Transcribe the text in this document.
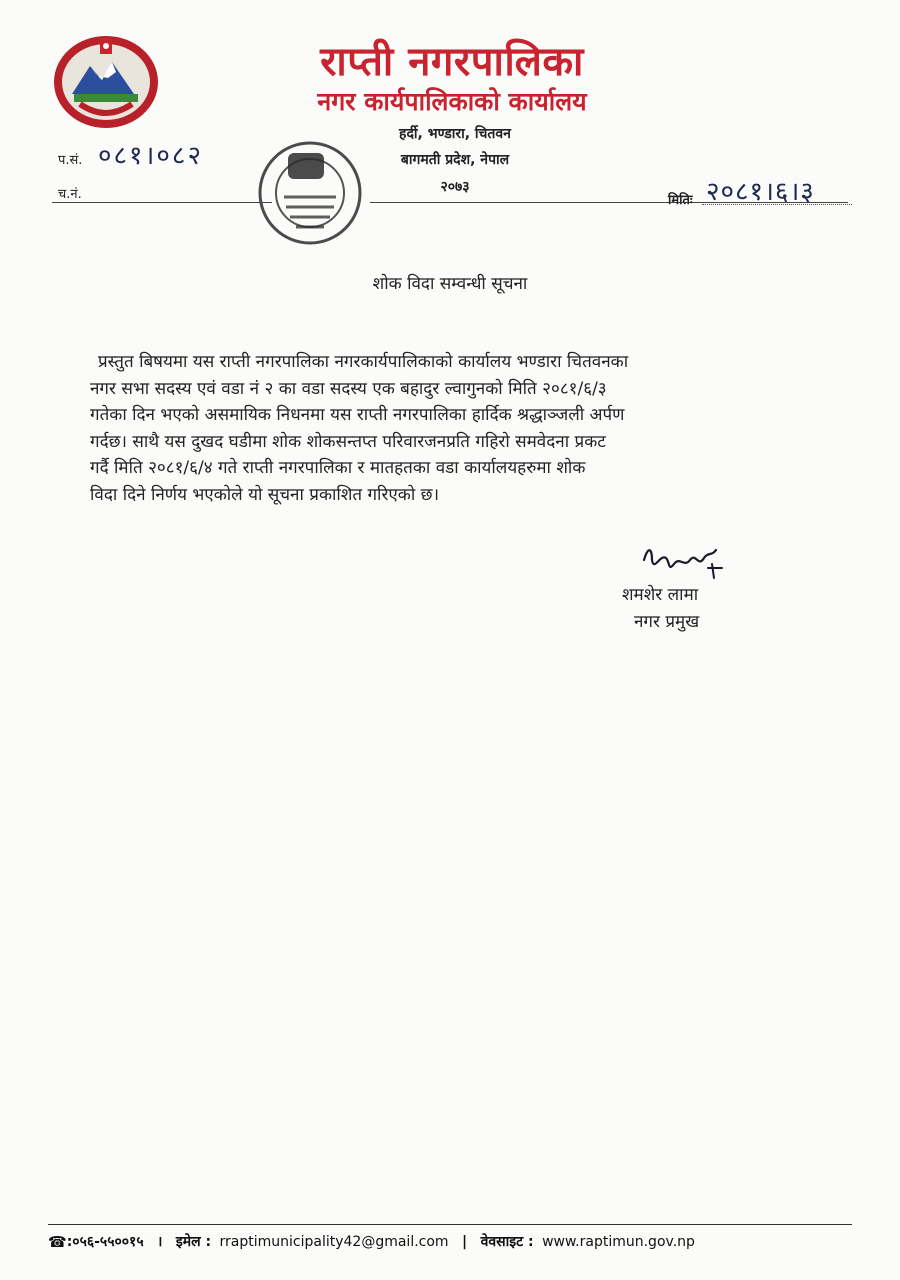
राप्ती नगरपालिका
नगर कार्यपालिकाको कार्यालय
हर्दी, भण्डारा, चितवन
बागमती प्रदेश, नेपाल
२०७३
प.सं. ०८१।०८२
च.नं.	मितिः २०८१।६।३
शोक विदा सम्वन्धी सूचना
प्रस्तुत बिषयमा यस राप्ती नगरपालिका नगरकार्यपालिकाको कार्यालय भण्डारा चितवनका
नगर सभा सदस्य एवं वडा नं २ का वडा सदस्य एक बहादुर ल्वागुनको मिति २०८१/६/३
गतेका दिन भएको असमायिक निधनमा यस राप्ती नगरपालिका हार्दिक श्रद्धाञ्जली अर्पण
गर्दछ। साथै यस दुखद घडीमा शोक शोकसन्तप्त परिवारजनप्रति गहिरो समवेदना प्रकट
गर्दै मिति २०८१/६/४ गते राप्ती नगरपालिका र मातहतका वडा कार्यालयहरुमा शोक
विदा दिने निर्णय भएकोले यो सूचना प्रकाशित गरिएको छ।
शमशेर लामा
नगर प्रमुख
☎:०५६-५५००१५ । इमेल : rraptimunicipality42@gmail.com | वेवसाइट : www.raptimun.gov.np
